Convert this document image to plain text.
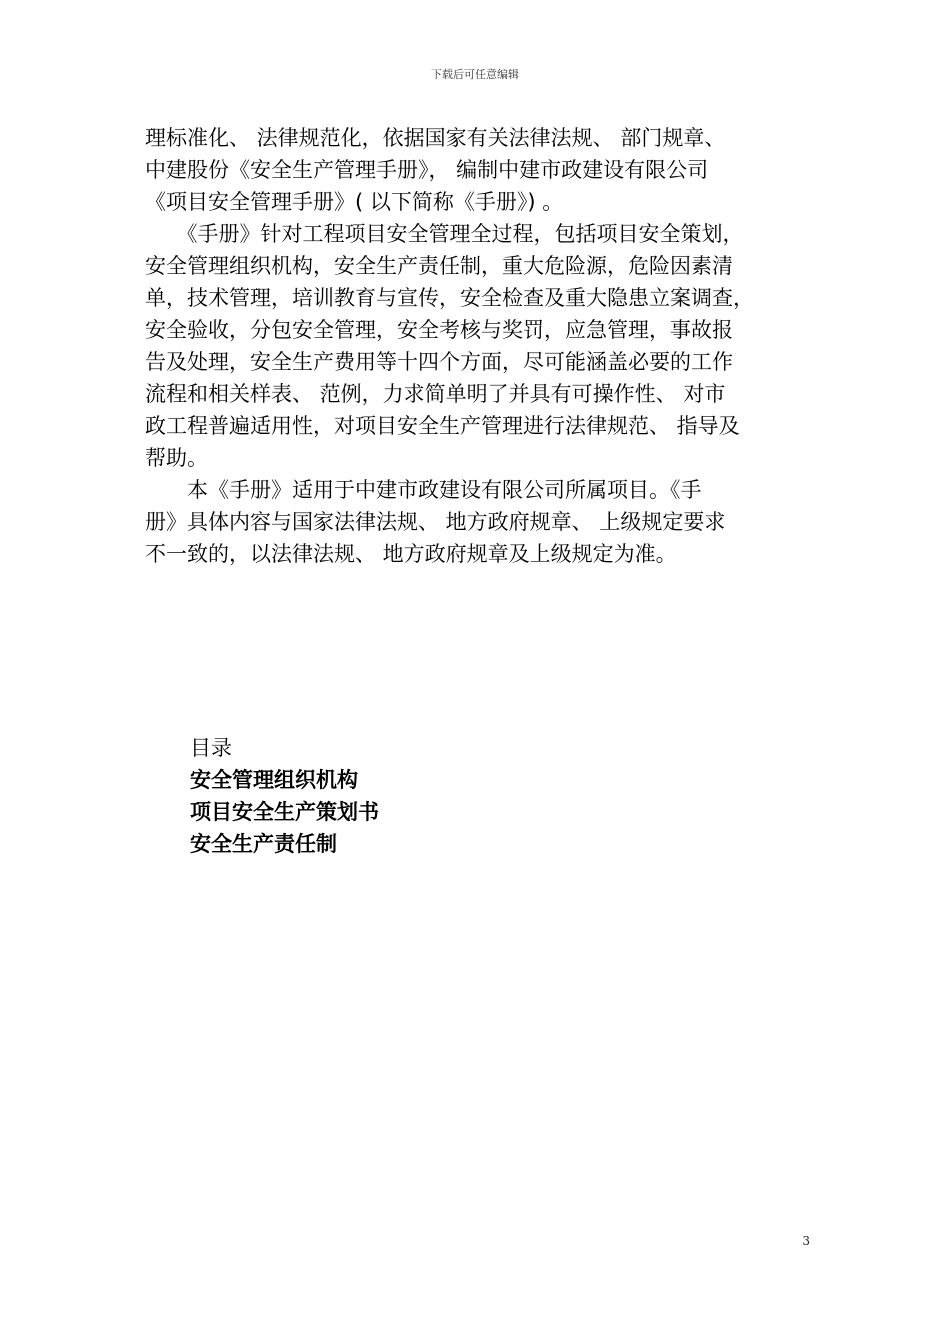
下载后可任意编辑
理标准化、 法律规范化，依据国家有关法律法规、 部门规章、
中建股份《安全生产管理手册》， 编制中建市政建设有限公司
《项目安全管理手册》( 以下简称《手册》) 。
　　《手册》针对工程项目安全管理全过程，包括项目安全策划，
安全管理组织机构，安全生产责任制，重大危险源，危险因素清
单，技术管理，培训教育与宣传，安全检查及重大隐患立案调查，
安全验收，分包安全管理，安全考核与奖罚，应急管理，事故报
告及处理，安全生产费用等十四个方面，尽可能涵盖必要的工作
流程和相关样表、 范例，力求简单明了并具有可操作性、 对市
政工程普遍适用性，对项目安全生产管理进行法律规范、 指导及
帮助。
　　本《手册》适用于中建市政建设有限公司所属项目。《手
册》具体内容与国家法律法规、 地方政府规章、 上级规定要求
不一致的，以法律法规、 地方政府规章及上级规定为准。
目录
安全管理组织机构
项目安全生产策划书
安全生产责任制
3
